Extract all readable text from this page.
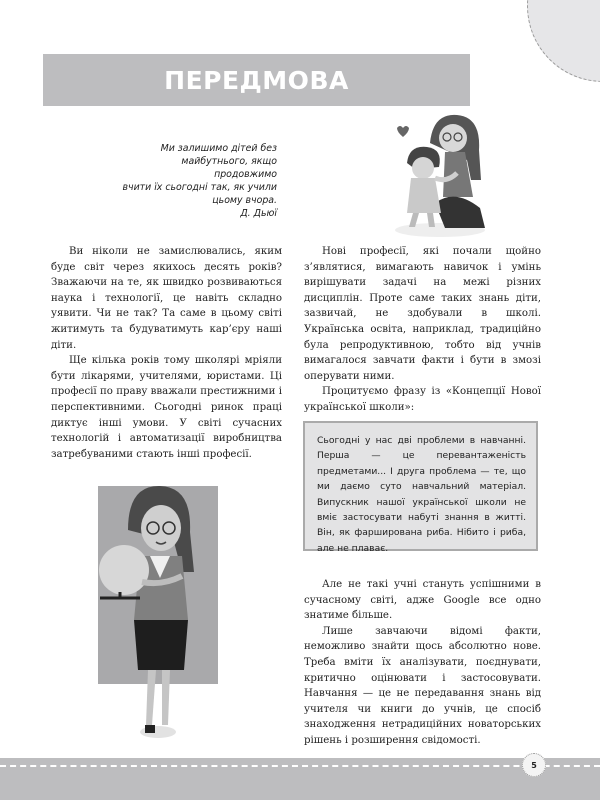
ПЕРЕДМОВА
Ми залишимо дітей без
майбутнього, якщо продовжимо
вчити їх сьогодні так, як учили
цьому вчора.
Д. Дьюї

Ви ніколи не замислювались, яким буде світ через якихось десять років? Зважаючи на те, як швидко розвиваються наука і технології, це навіть складно уявити. Чи не так? Та саме в цьому світі житимуть та будуватимуть кар’єру наші діти.

Ще кілька років тому школярі мріяли бути лікарями, учителями, юристами. Ці професії по праву вважали престижними і перспективними. Сьогодні ринок праці диктує інші умови. У світі сучасних технологій і автоматизації виробництва затребуваними стають інші професії.

Нові професії, які почали щойно з’являтися, вимагають навичок і умінь вирішувати задачі на межі різних дисциплін. Проте саме таких знань діти, зазвичай, не здобували в школі. Українська освіта, наприклад, традиційно була репродуктивною, тобто від учнів вимагалося завчати факти і бути в змозі оперувати ними.

Процитуємо фразу із «Концепції Нової української школи»:

Сьогодні у нас дві проблеми в навчанні. Перша — це перевантаженість предметами... І друга проблема — те, що ми даємо суто навчальний матеріал. Випускник нашої української школи не вміє застосувати набуті знання в житті. Він, як фарширована риба. Нібито і риба, але не плаває.

Але не такі учні стануть успішними в сучасному світі, адже Google все одно знатиме більше.

Лише завчаючи відомі факти, неможливо знайти щось абсолютно нове. Треба вміти їх аналізувати, поєднувати, критично оцінювати і застосовувати. Навчання — це не передавання знань від учителя чи книги до учнів, це спосіб знаходження нетрадиційних новаторських рішень і розширення свідомості.

5
